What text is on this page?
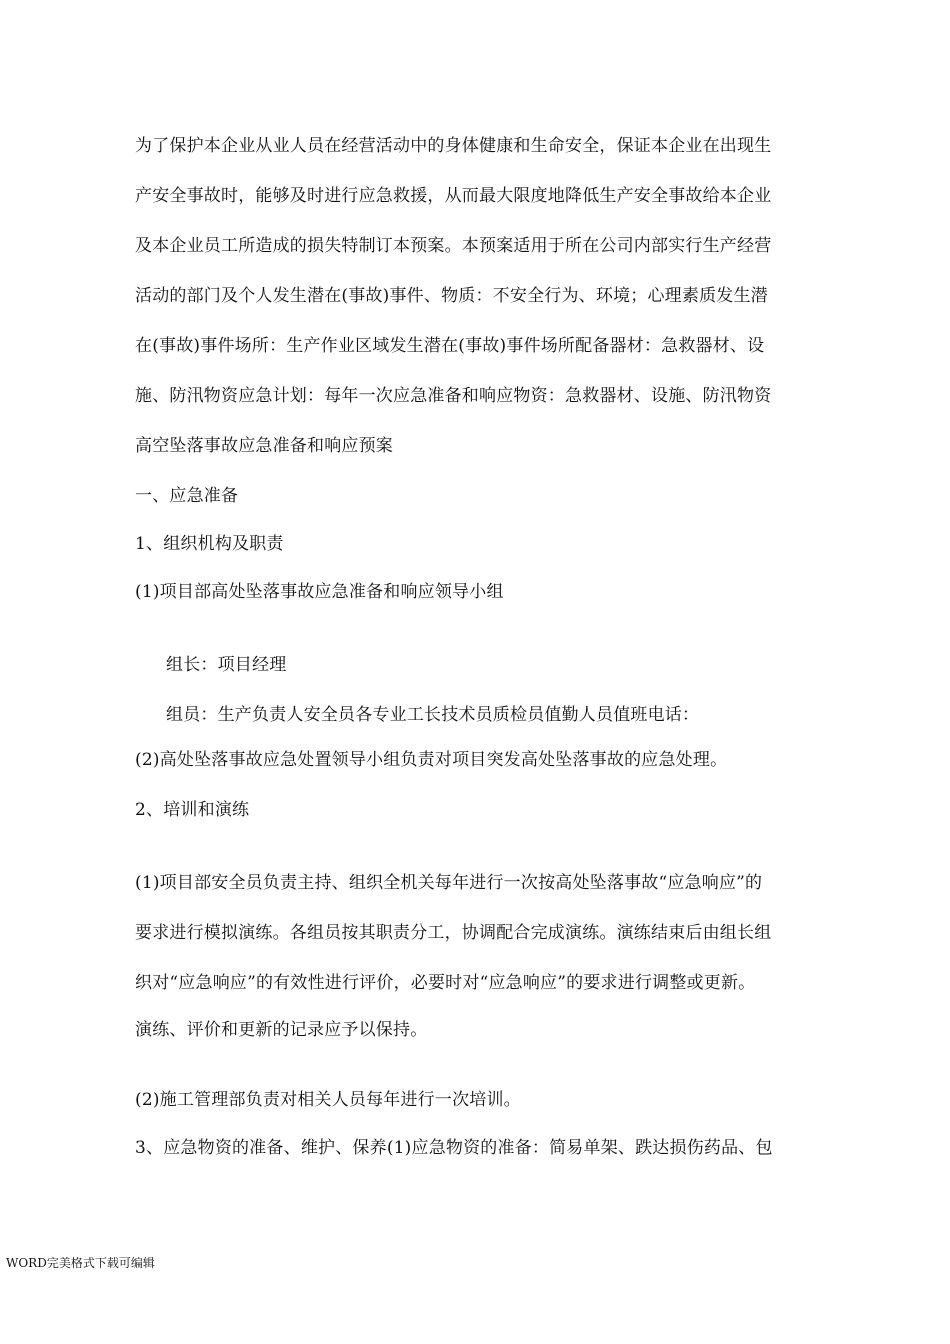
为了保护本企业从业人员在经营活动中的身体健康和生命安全，保证本企业在出现生
产安全事故时，能够及时进行应急救援，从而最大限度地降低生产安全事故给本企业
及本企业员工所造成的损失特制订本预案。本预案适用于所在公司内部实行生产经营
活动的部门及个人发生潜在(事故)事件、物质：不安全行为、环境；心理素质发生潜
在(事故)事件场所：生产作业区域发生潜在(事故)事件场所配备器材：急救器材、设
施、防汛物资应急计划：每年一次应急准备和响应物资：急救器材、设施、防汛物资
高空坠落事故应急准备和响应预案
一、应急准备
1、组织机构及职责
(1)项目部高处坠落事故应急准备和响应领导小组
组长：项目经理
组员：生产负责人安全员各专业工长技术员质检员值勤人员值班电话：
(2)高处坠落事故应急处置领导小组负责对项目突发高处坠落事故的应急处理。
2、培训和演练
(1)项目部安全员负责主持、组织全机关每年进行一次按高处坠落事故“应急响应”的
要求进行模拟演练。各组员按其职责分工，协调配合完成演练。演练结束后由组长组
织对“应急响应”的有效性进行评价，必要时对“应急响应”的要求进行调整或更新。
演练、评价和更新的记录应予以保持。
(2)施工管理部负责对相关人员每年进行一次培训。
3、应急物资的准备、维护、保养(1)应急物资的准备：简易单架、跌达损伤药品、包
WORD完美格式下载可编辑
